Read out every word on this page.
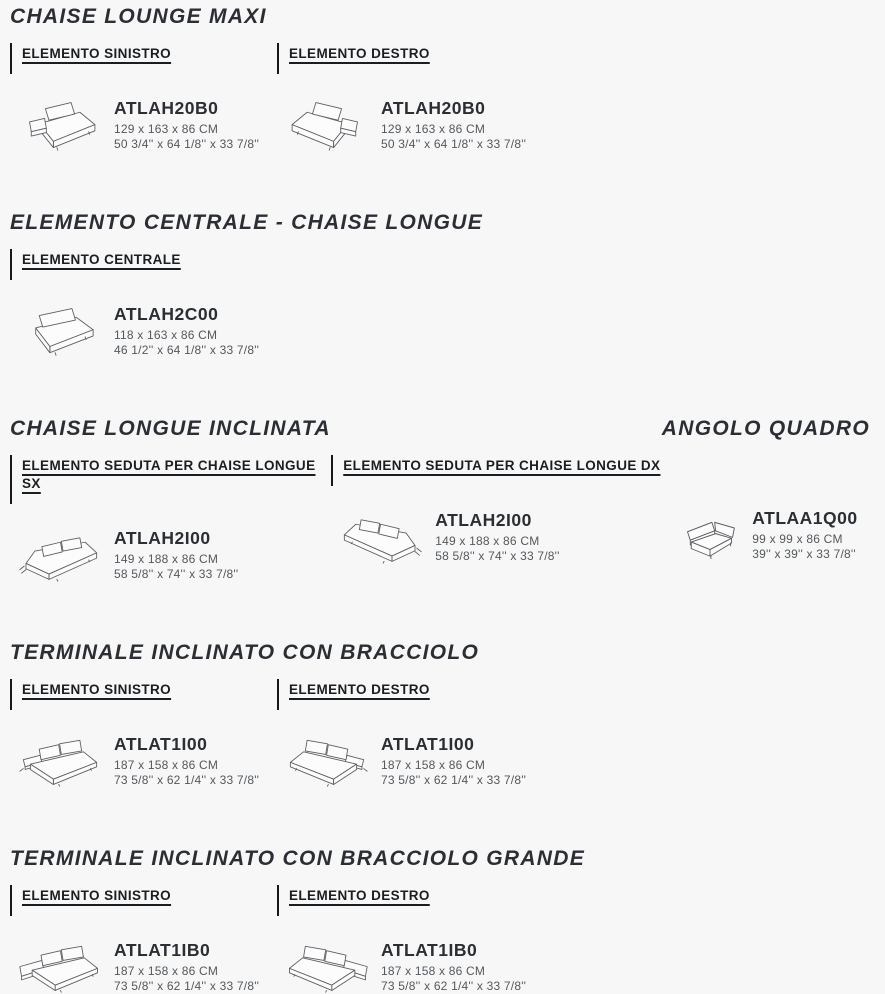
CHAISE LOUNGE MAXI
ELEMENTO SINISTRO
ATLAH20B0
129 x 163 x 86 CM
50 3/4'' x 64 1/8'' x 33 7/8''
ELEMENTO DESTRO
ATLAH20B0
129 x 163 x 86 CM
50 3/4'' x 64 1/8'' x 33 7/8''
ELEMENTO CENTRALE - CHAISE LONGUE
ELEMENTO CENTRALE
ATLAH2C00
118 x 163 x 86 CM
46 1/2'' x 64 1/8'' x 33 7/8''
CHAISE LONGUE INCLINATA	ANGOLO QUADRO
ELEMENTO SEDUTA PER CHAISE LONGUE SX
ATLAH2I00
149 x 188 x 86 CM
58 5/8'' x 74'' x 33 7/8''
ELEMENTO SEDUTA PER CHAISE LONGUE DX
ATLAH2I00
149 x 188 x 86 CM
58 5/8'' x 74'' x 33 7/8''
ATLAA1Q00
99 x 99 x 86 CM
39'' x 39'' x 33 7/8''
TERMINALE INCLINATO CON BRACCIOLO
ELEMENTO SINISTRO
ATLAT1I00
187 x 158 x 86 CM
73 5/8'' x 62 1/4'' x 33 7/8''
ELEMENTO DESTRO
ATLAT1I00
187 x 158 x 86 CM
73 5/8'' x 62 1/4'' x 33 7/8''
TERMINALE INCLINATO CON BRACCIOLO GRANDE
ELEMENTO SINISTRO
ATLAT1IB0
187 x 158 x 86 CM
73 5/8'' x 62 1/4'' x 33 7/8''
ELEMENTO DESTRO
ATLAT1IB0
187 x 158 x 86 CM
73 5/8'' x 62 1/4'' x 33 7/8''
